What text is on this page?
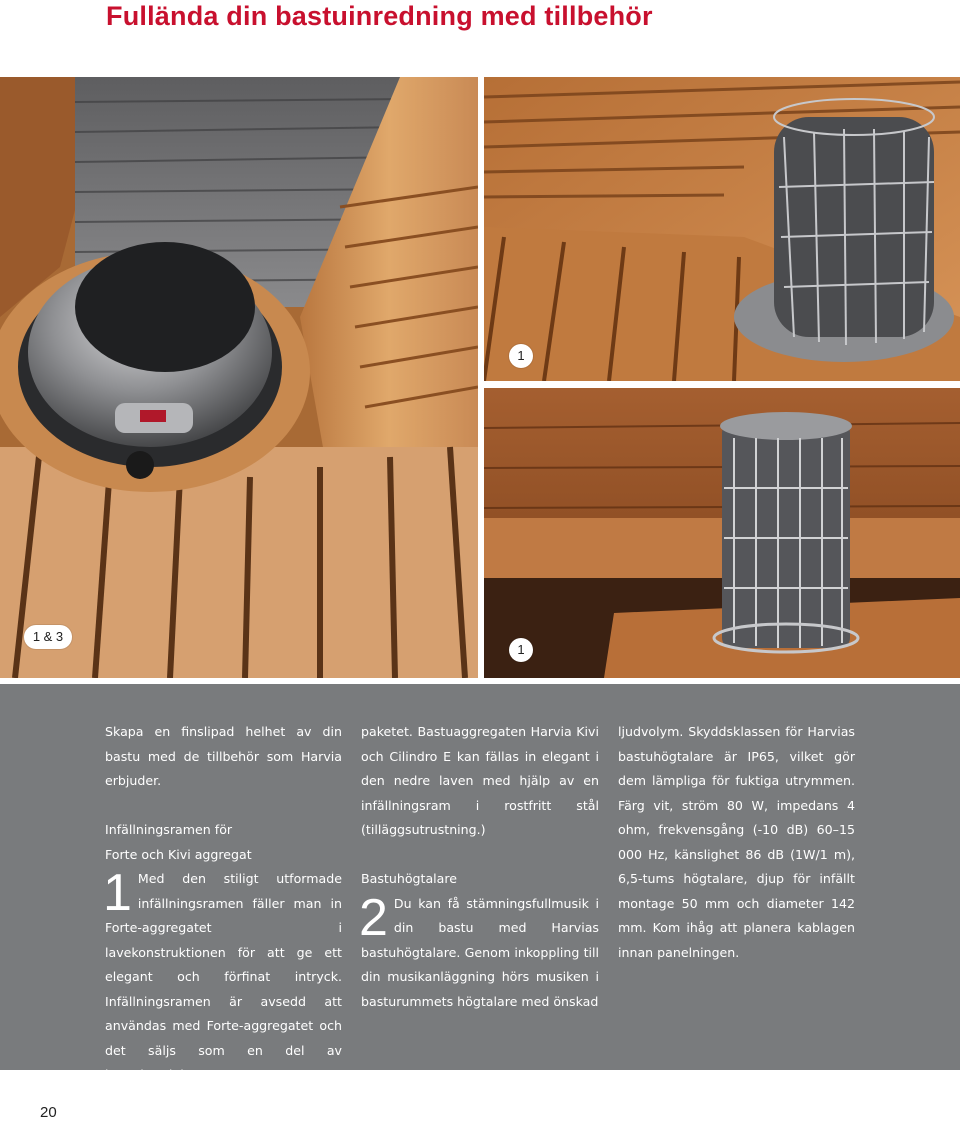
Fullända din bastuinredning med tillbehör
1 & 3
1
1

Skapa en finslipad helhet av din bastu med de tillbehör som Harvia erbjuder.

Infällningsramen för

Forte och Kivi aggregat

1 Med den stiligt utformade infällningsramen fäller man in Forte-aggregatet i lavekonstruktionen för att ge ett elegant och förfinat intryck. Infällningsramen är avsedd att användas med Forte-aggregatet och det säljs som en del av bastuinrednings-

paketet. Bastuaggregaten Harvia Kivi och Cilindro E kan fällas in elegant i den nedre laven med hjälp av en infällningsram i rostfritt stål (tilläggsutrustning.)

Bastuhögtalare

2 Du kan få stämningsfullmusik i din bastu med Harvias bastuhögtalare. Genom inkoppling till din musikanläggning hörs musiken i basturummets högtalare med önskad

ljudvolym. Skyddsklassen för Harvias bastuhögtalare är IP65, vilket gör dem lämpliga för fuktiga utrymmen. Färg vit, ström 80 W, impedans 4 ohm, frekvensgång (-10 dB) 60–15 000 Hz, känslighet 86 dB (1W/1 m), 6,5-tums högtalare, djup för infällt montage 50 mm och diameter 142 mm. Kom ihåg att planera kablagen innan panelningen.

20
